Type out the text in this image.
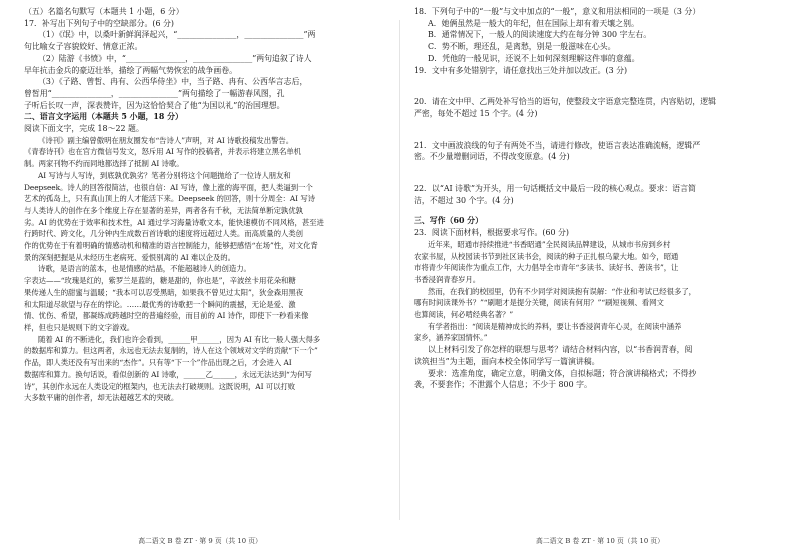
（五）名篇名句默写（本题共 1 小题，6 分）
17．补写出下列句子中的空缺部分。(6 分)
（1）《氓》中，以桑叶新鲜润泽起兴，“_______________，_______________”两
句比喻女子容貌姣好、情意正浓。
（2）陆游《书愤》中，“_______________，_______________”两句追叙了诗人
早年抗击金兵的豪迈壮举，描绘了两幅气势恢宏的战争画卷。
（3）《子路、曾皙、冉有、公西华侍坐》中，当子路、冉有、公西华言志后，
曾皙用“_______________，_______________”两句描绘了一幅游春风图，孔
子听后长叹一声，深表赞许，因为这恰恰契合了他“为国以礼”的治国理想。
二、语言文字运用（本题共 5 小题，18 分）
阅读下面文字，完成 18～22 题。
《诗刊》副主编曾傲明在朋友圈发布“告诗人”声明，对 AI 诗歌投稿发出警告。
《青春诗刊》也在官方微信号发文，怒斥用 AI 写作的投稿者，并表示将建立黑名单机
制。两家刊物不约而同地都选择了抵制 AI 诗歌。
AI 写诗与人写诗，到底孰优孰劣？笔者分别将这个问题抛给了一位诗人朋友和
Deepseek。诗人的回答很简洁，也很自信：AI 写诗，像上涨的海平面，把人类逼到一个
艺术的孤岛上，只有真山顶上的人才能活下来。Deepseek 的回答，则十分周全：AI 写诗
与人类诗人的创作在多个维度上存在显著的差异，两者各有千秋，无法简单断定孰优孰
劣。AI 的优势在于效率和技术性，AI 通过学习海量诗歌文本，能快速模仿不同风格，甚至进
行跨时代、跨文化，几分钟内生成数百首诗歌的速度将远超过人类。而高质量的人类创
作的优势在于有着明确的情感动机和精准的语言控制能力，能够把感悟“在场”性，对文化背
景的深刻把握是从未经历生老病死、爱恨别离的 AI 难以企及的。
诗歌，是语言的蓝本，也是情感的结晶，不能超越诗人的创造力。
字表达——“玫瑰是红的，紫罗兰是蓝的，糖是甜的，你也是”，辛波丝卡用花朵和糖
果传递人生的甜蜜与温暖；“我本可以忍受黑暗，如果我不曾见过太阳”，狄金森用黑夜
和太阳道尽欲望与存在的悖论。……最优秀的诗歌把一个瞬间的震撼，无论是爱、激
情、忧伤、希望，都凝练成跨越时空的普遍经验，而目前的 AI 诗作，即使下一秒看来像
样，但也只是规则下的文字游戏。
随着 AI 的不断进化，我们也许会看到，______甲______，因为 AI 有比一般人强大得多
的数据库和算力。但这两者，永远也无法去复制的，诗人在这个领域对文学的贡献“下一个”
作品，即人类还没有写出来的“杰作”。只有等“下一个”作品出现之后，才会进入 AI
数据库和算力。换句话说，看似创新的 AI 诗歌，______乙______，永远无法达到“为何写
诗”，其创作永远在人类设定的框架内，也无法去打破规则。这既说明，AI 可以打败
大多数平庸的创作者，却无法超越艺术的突破。
高二语文 B 卷 ZT · 第 9 页（共 10 页）
18．下列句子中的“一般”与文中加点的“一般”，意义和用法相同的一项是（3 分）
A．她俩虽然是一般大的年纪，但在国际上却有着天壤之别。
B．通常情况下，一般人的阅读速度大约在每分钟 300 字左右。
C．势不断，理还乱，是离愁，别是一般滋味在心头。
D．凭他的一般见识，还说不上如何深刻理解这件事的意蕴。
19．文中有多处错别字，请任意找出三处并加以改正。(3 分)
20．请在文中甲、乙两处补写恰当的语句，使整段文字语意完整连贯，内容贴切，逻辑
严密，每处不超过 15 个字。(4 分)
21．文中画波浪线的句子有两处不当，请进行修改，使语言表达准确流畅，逻辑严
密。不少量增删词语，不得改变原意。(4 分)
22．以“AI 诗歌”为开头，用一句话概括文中最后一段的核心观点。要求：语言简
洁，不超过 30 个字。(4 分)
三、写作（60 分）
23．阅读下面材料，根据要求写作。(60 分)
近年来，昭通市持续推进“书香昭通”全民阅读品牌建设，从城市书房到乡村
农家书屋，从校园读书节到社区读书会，阅读的种子正扎根乌蒙大地。如今，昭通
市将青少年阅读作为重点工作，大力倡导全市青年“多读书、读好书、善读书”，让
书香浸润青春岁月。
然而，在我们的校园里，仍有不少同学对阅读抱有误解：“作业和考试已经很多了，
哪有时间读课外书？”“刷题才是提分关键，阅读有何用？”“刷短视频、看网文
也算阅读，何必啃经典名著？”
有学者指出：“阅读是精神成长的养料，要让书香浸润青年心灵，在阅读中涵养
家乡，涵养家国情怀。”
以上材料引发了你怎样的联想与思考？请结合材料内容，以“书香润青春，阅
读筑担当”为主题，面向本校全体同学写一篇演讲稿。
要求：选准角度，确定立意，明确文体，自拟标题；符合演讲稿格式；不得抄
袭，不要套作；不泄露个人信息；不少于 800 字。
高二语文 B 卷 ZT · 第 10 页（共 10 页）
